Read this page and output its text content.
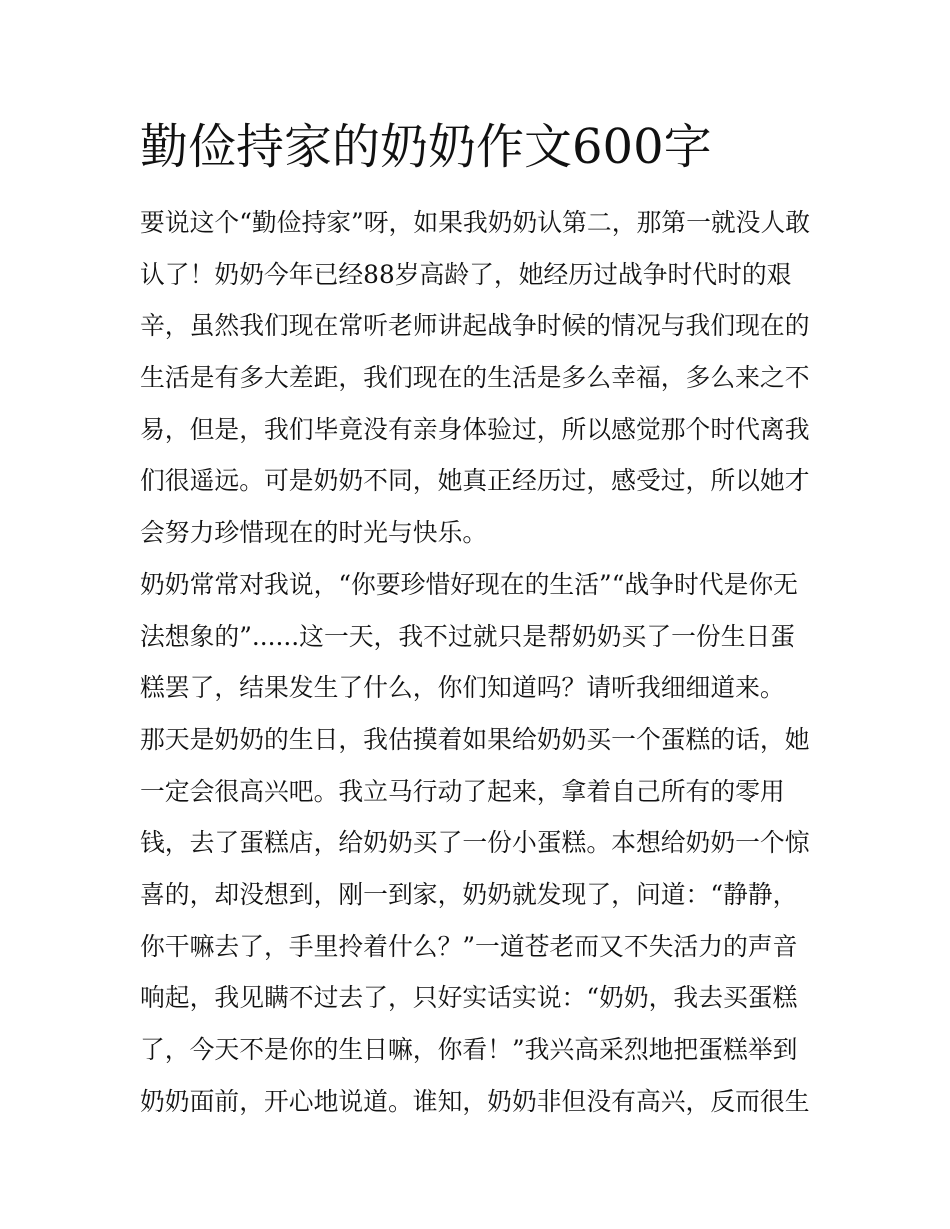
勤俭持家的奶奶作文600字
要说这个“勤俭持家”呀，如果我奶奶认第二，那第一就没人敢
认了！奶奶今年已经88岁高龄了，她经历过战争时代时的艰
辛，虽然我们现在常听老师讲起战争时候的情况与我们现在的
生活是有多大差距，我们现在的生活是多么幸福，多么来之不
易，但是，我们毕竟没有亲身体验过，所以感觉那个时代离我
们很遥远。可是奶奶不同，她真正经历过，感受过，所以她才
会努力珍惜现在的时光与快乐。
奶奶常常对我说，“你要珍惜好现在的生活”“战争时代是你无
法想象的”......这一天，我不过就只是帮奶奶买了一份生日蛋
糕罢了，结果发生了什么，你们知道吗？请听我细细道来。
那天是奶奶的生日，我估摸着如果给奶奶买一个蛋糕的话，她
一定会很高兴吧。我立马行动了起来，拿着自己所有的零用
钱，去了蛋糕店，给奶奶买了一份小蛋糕。本想给奶奶一个惊
喜的，却没想到，刚一到家，奶奶就发现了，问道：“静静，
你干嘛去了，手里拎着什么？”一道苍老而又不失活力的声音
响起，我见瞒不过去了，只好实话实说：“奶奶，我去买蛋糕
了，今天不是你的生日嘛，你看！”我兴高采烈地把蛋糕举到
奶奶面前，开心地说道。谁知，奶奶非但没有高兴，反而很生
